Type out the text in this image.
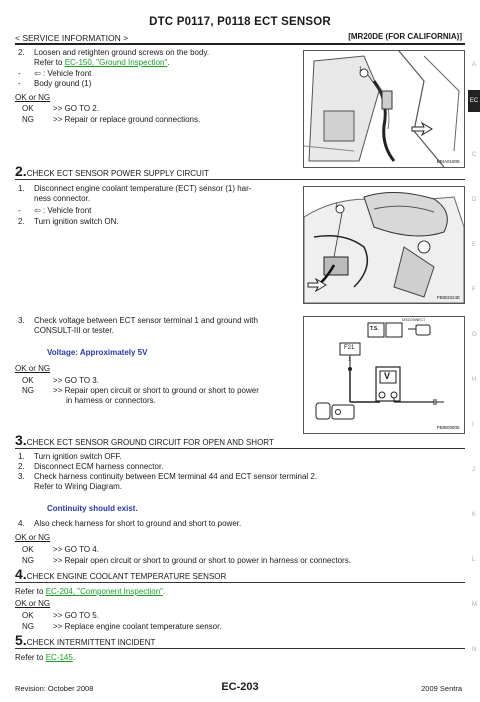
DTC P0117, P0118 ECT SENSOR
< SERVICE INFORMATION >	[MR20DE (FOR CALIFORNIA)]
EC
A
C
D
E
F
G
H
I
J
K
L
M
N
2. Loosen and retighten ground screws on the body.
Refer to EC-150, "Ground Inspection".
- ⇦ : Vehicle front
- Body ground (1)
OK or NG
OK >> GO TO 2.
NG >> Repair or replace ground connections.
1
BBIA0180E
2.CHECK ECT SENSOR POWER SUPPLY CIRCUIT
1. Disconnect engine coolant temperature (ECT) sensor (1) har-
ness connector.
- ⇦ : Vehicle front
2. Turn ignition switch ON.
1
PBIB3324E
3. Check voltage between ECT sensor terminal 1 and ground with
CONSULT-III or tester.
Voltage: Approximately 5V
OK or NG
OK >> GO TO 3.
NG >> Repair open circuit or short to ground or short to power
in harness or connectors.
T.S.
DISCONNECT
F21
1
V
PBIB0080E
3.CHECK ECT SENSOR GROUND CIRCUIT FOR OPEN AND SHORT
1. Turn ignition switch OFF.
2. Disconnect ECM harness connector.
3. Check harness continuity between ECM terminal 44 and ECT sensor terminal 2.
Refer to Wiring Diagram.
Continuity should exist.
4. Also check harness for short to ground and short to power.
OK or NG
OK >> GO TO 4.
NG >> Repair open circuit or short to ground or short to power in harness or connectors.
4.CHECK ENGINE COOLANT TEMPERATURE SENSOR
Refer to EC-204, "Component Inspection".
OK or NG
OK >> GO TO 5.
NG >> Replace engine coolant temperature sensor.
5.CHECK INTERMITTENT INCIDENT
Refer to EC-145.
Revision: October 2008	EC-203	2009 Sentra
